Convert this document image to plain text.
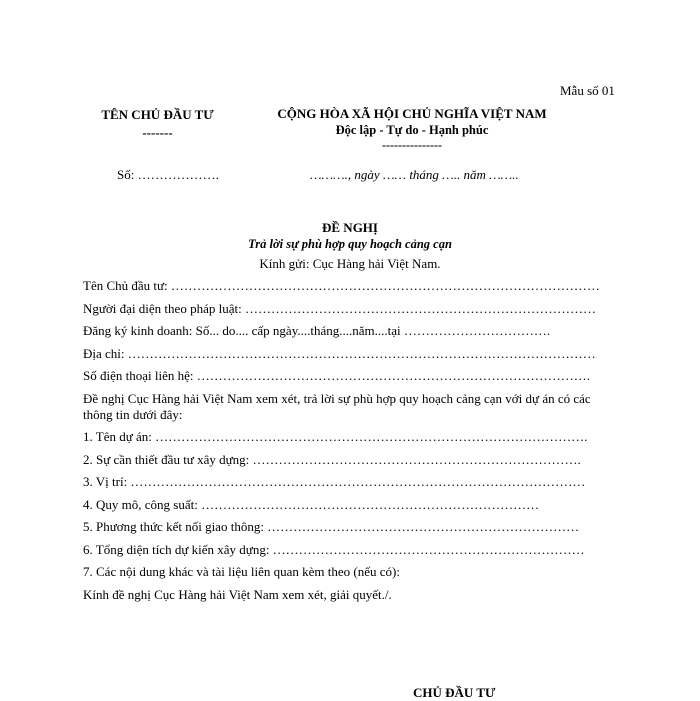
Mẫu số 01
TÊN CHỦ ĐẦU TƯ
-------
CỘNG HÒA XÃ HỘI CHỦ NGHĨA VIỆT NAM
Độc lập - Tự do - Hạnh phúc
---------------
Số: ……………….	………., ngày …… tháng ….. năm ……..
ĐỀ NGHỊ
Trả lời sự phù hợp quy hoạch cảng cạn
Kính gửi: Cục Hàng hải Việt Nam.
Tên Chủ đầu tư: ………………………………………………………………………………………
Người đại diện theo pháp luật: ………………………………………………………………………
Đăng ký kinh doanh: Số... do.... cấp ngày....tháng....năm....tại …………………………….
Địa chỉ: ………………………………………………………………………………………………
Số điện thoại liên hệ: ……………………………………………………………………………….
Đề nghị Cục Hàng hải Việt Nam xem xét, trả lời sự phù hợp quy hoạch cảng cạn với dự án có các thông tin dưới đây:
1. Tên dự án: ……………………………………………………………………………………….
2. Sự cần thiết đầu tư xây dựng: ………………………………………………………………….
3. Vị trí: ……………………………………………………………………………………………
4. Quy mô, công suất: ……………………………………………………………………
5. Phương thức kết nối giao thông: ………………………………………………………………
6. Tổng diện tích dự kiến xây dựng: ………………………………………………………………
7. Các nội dung khác và tài liệu liên quan kèm theo (nếu có):
Kính đề nghị Cục Hàng hải Việt Nam xem xét, giải quyết./.
CHỦ ĐẦU TƯ
